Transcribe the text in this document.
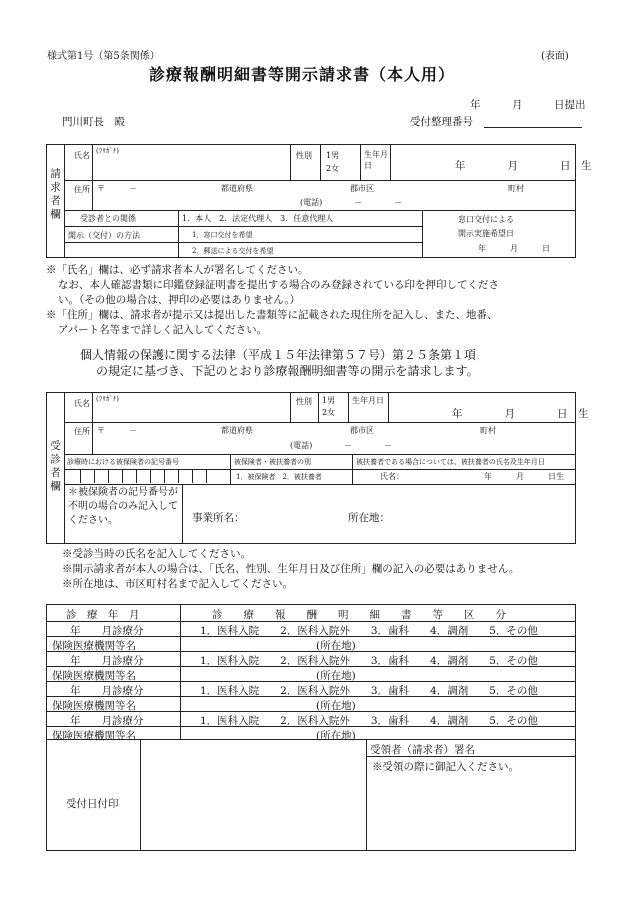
様式第1号（第5条関係）	(表面)
診療報酬明細書等開示請求書（本人用）
年　　　月　　　日提出
門川町長　殿	受付整理番号
請求者欄
氏名 (ﾌﾘｶﾞﾅ)	性別 1男
2女
生年月日	年　　　　月　　　　日　生
住所 〒　　　－	都道府県	郡市区	町村
(電話)　　　　－　　　　－
受診者との関係	1．本人　2．法定代理人　3．任意代理人
開示（交付）の方法	1．窓口交付を希望
2．郵送による交付を希望
窓口交付による
開示実施希望日
年　　　月　　　日
※「氏名」欄は、必ず請求者本人が署名してください。
なお、本人確認書類に印鑑登録証明書を提出する場合のみ登録されている印を押印してくださ
い。（その他の場合は、押印の必要はありません。）
※「住所」欄は、請求者が提示又は提出した書類等に記載された現住所を記入し、また、地番、
アパート名等まで詳しく記入してください。
個人情報の保護に関する法律（平成１５年法律第５７号）第２５条第１項
の規定に基づき、下記のとおり診療報酬明細書等の開示を請求します。
受診者欄
氏名 (ﾌﾘｶﾞﾅ)	性別 1男
2女
生年月日
年　　　　月　　　　日　生
住所 〒　　　－	都道府県	郡市区	町村
(電話)　　　　－　　　　－
診療時における被保険者の記号番号	被保険者・被扶養者の別
1．被保険者　2．被扶養者
被扶養者である場合については、被扶養者の氏名及生年月日
氏名：	年　　　月　　　日生
＊被保険者の記号番号が不明の場合のみ記入してください。	事業所名：	所在地：
※受診当時の氏名を記入してください。
※開示請求者が本人の場合は、「氏名、性別、生年月日及び住所」欄の記入の必要はありません。
※所在地は、市区町村名まで記入してください。
診　療　年　月	診　　療　　報　　酬　　明　　細　　書　　等　　区　　分
年　　月診療分	1．医科入院　　2．医科入院外　　3．歯科　　4．調剤　　5．その他
保険医療機関等名	(所在地)
年　　月診療分	1．医科入院　　2．医科入院外　　3．歯科　　4．調剤　　5．その他
保険医療機関等名	(所在地)
年　　月診療分	1．医科入院　　2．医科入院外　　3．歯科　　4．調剤　　5．その他
保険医療機関等名	(所在地)
年　　月診療分	1．医科入院　　2．医科入院外　　3．歯科　　4．調剤　　5．その他
保険医療機関等名	(所在地)
受付日付印
受領者（請求者）署名
※受領の際に御記入ください。
